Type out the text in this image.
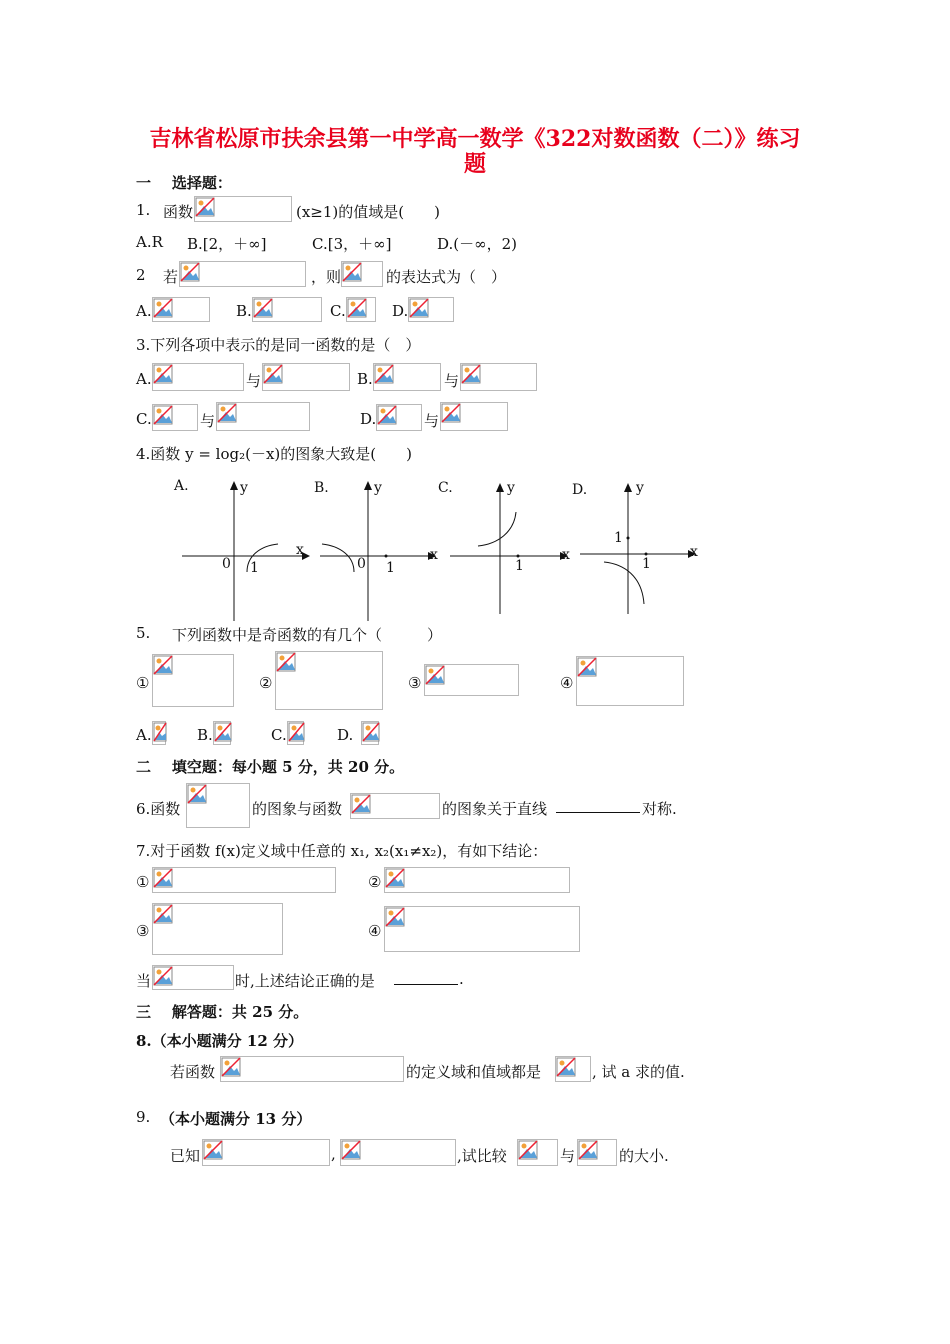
吉林省松原市扶余县第一中学高一数学《322对数函数（二）》练习
题
一 选择题：
1. 函数	(x≥1)的值域是(　　)
A.R B.[2，＋∞]	C.[3，＋∞]	D.(－∞，2)
2 若	，则	的表达式为（　）
A.	B.	C.	D.
3.下列各项中表示的是同一函数的是（　）
A.	与	B.	与
C.	与	D.	与
4.函数 y = log₂(－x)的图象大致是(　　)
A.	y
x
0 1
B.	y
x
0 1
C.	y
x
1
D.	y
x
1
1
5. 下列函数中是奇函数的有几个（　　　）
①	②	③	④
A.	B.	C.	D.
二 填空题：每小题 5 分，共 20 分。
6.函数	的图象与函数	的图象关于直线	对称.
7.对于函数 f(x)定义域中任意的 x₁, x₂(x₁≠x₂)，有如下结论：
①	②
③	④
当	时,上述结论正确的是	.
三 解答题：共 25 分。
8.（本小题满分 12 分）
若函数	的定义域和值域都是	, 试 a 求的值.
9. （本小题满分 13 分）
已知	,	,试比较	与	的大小.
